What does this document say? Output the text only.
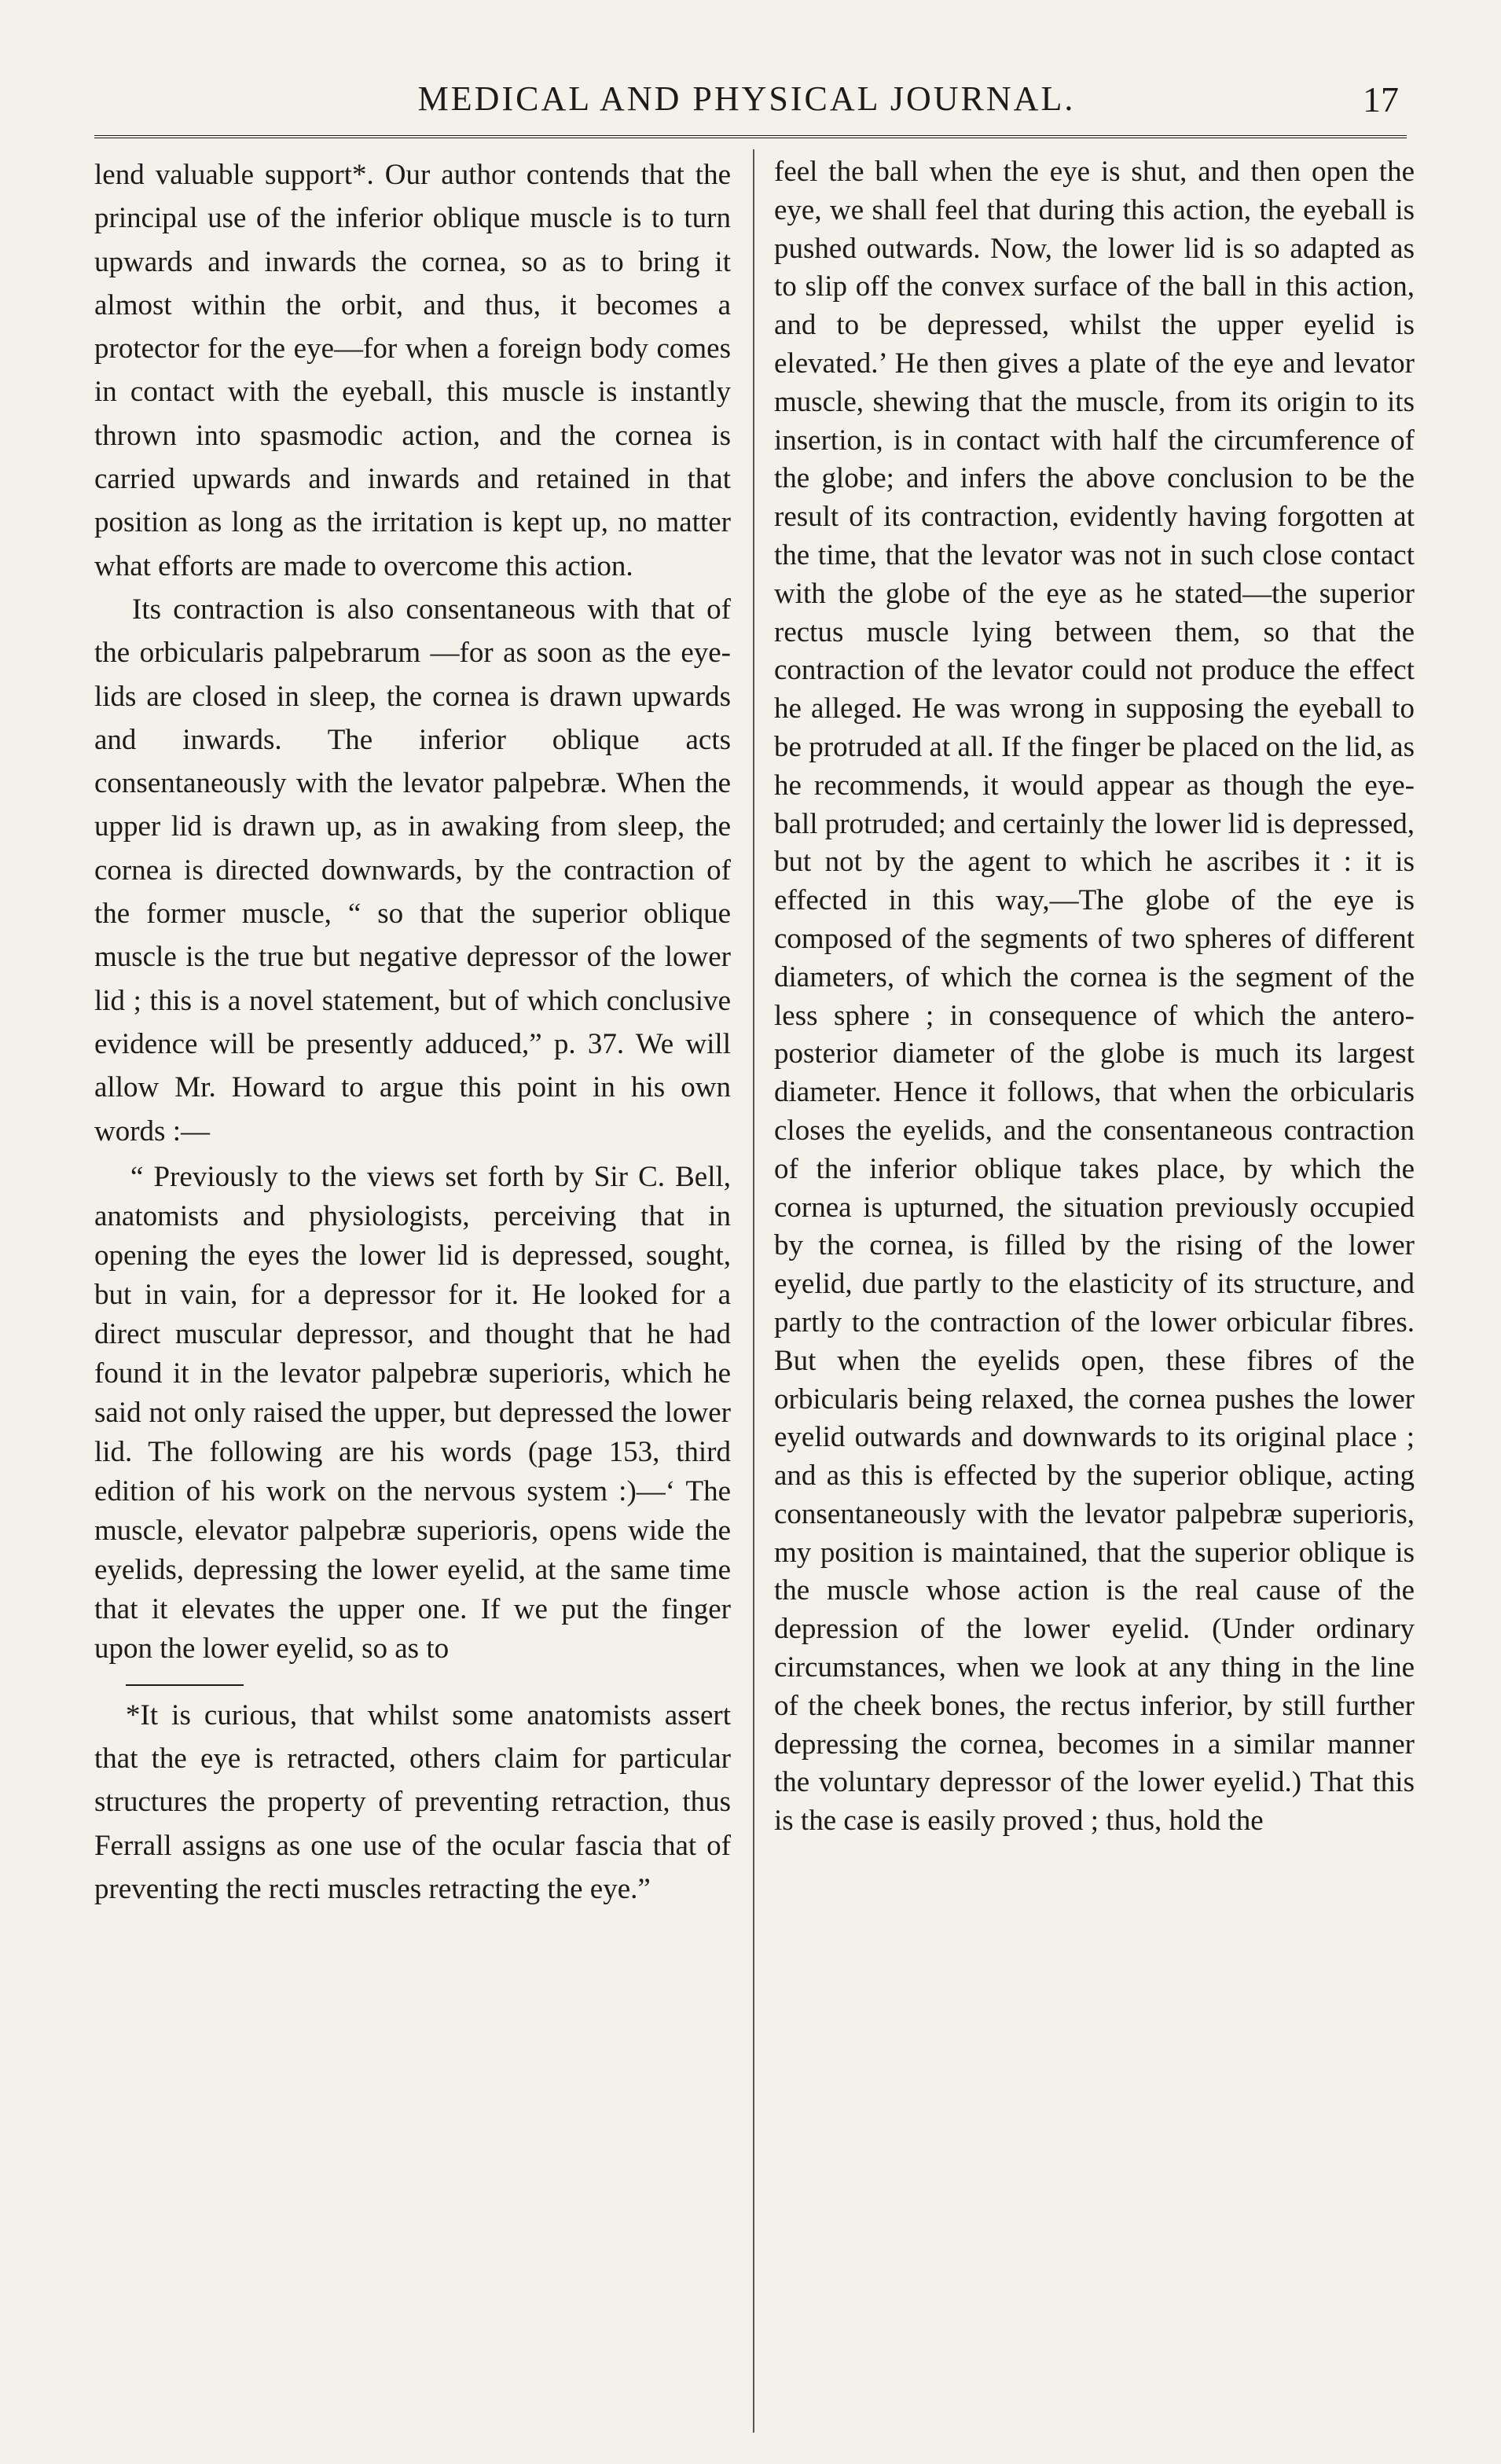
MEDICAL AND PHYSICAL JOURNAL.	17

lend valuable support*. Our author contends that the principal use of the inferior oblique muscle is to turn upwards and inwards the cornea, so as to bring it almost within the orbit, and thus, it becomes a protector for the eye—for when a foreign body comes in contact with the eyeball, this muscle is instantly thrown into spasmodic action, and the cornea is carried upwards and inwards and retained in that position as long as the irritation is kept up, no matter what efforts are made to overcome this action.

Its contraction is also consentaneous with that of the orbicularis palpebrarum —for as soon as the eye-lids are closed in sleep, the cornea is drawn upwards and inwards. The inferior oblique acts consentaneously with the levator palpebræ. When the upper lid is drawn up, as in awaking from sleep, the cornea is directed downwards, by the contraction of the former muscle, “ so that the superior oblique muscle is the true but negative depressor of the lower lid ; this is a novel statement, but of which conclusive evidence will be presently adduced,” p. 37. We will allow Mr. Howard to argue this point in his own words :—

“ Previously to the views set forth by Sir C. Bell, anatomists and physiologists, perceiving that in opening the eyes the lower lid is depressed, sought, but in vain, for a depressor for it. He looked for a direct muscular depressor, and thought that he had found it in the levator palpebræ superioris, which he said not only raised the upper, but depressed the lower lid. The following are his words (page 153, third edition of his work on the nervous system :)—‘ The muscle, elevator palpebræ superioris, opens wide the eyelids, depressing the lower eyelid, at the same time that it elevates the upper one. If we put the finger upon the lower eyelid, so as to

*It is curious, that whilst some anatomists assert that the eye is retracted, others claim for particular structures the property of preventing retraction, thus Ferrall assigns as one use of the ocular fascia that of preventing the recti muscles retracting the eye.”

feel the ball when the eye is shut, and then open the eye, we shall feel that during this action, the eyeball is pushed outwards. Now, the lower lid is so adapted as to slip off the convex surface of the ball in this action, and to be depressed, whilst the upper eyelid is elevated.’ He then gives a plate of the eye and levator muscle, shewing that the muscle, from its origin to its insertion, is in contact with half the circumference of the globe; and infers the above conclusion to be the result of its contraction, evidently having forgotten at the time, that the levator was not in such close contact with the globe of the eye as he stated—the superior rectus muscle lying between them, so that the contraction of the levator could not produce the effect he alleged. He was wrong in supposing the eyeball to be protruded at all. If the finger be placed on the lid, as he recommends, it would appear as though the eye-ball protruded; and certainly the lower lid is depressed, but not by the agent to which he ascribes it : it is effected in this way,—The globe of the eye is composed of the segments of two spheres of different diameters, of which the cornea is the segment of the less sphere ; in consequence of which the antero-posterior diameter of the globe is much its largest diameter. Hence it follows, that when the orbicularis closes the eyelids, and the consentaneous contraction of the inferior oblique takes place, by which the cornea is upturned, the situation previously occupied by the cornea, is filled by the rising of the lower eyelid, due partly to the elasticity of its structure, and partly to the contraction of the lower orbicular fibres. But when the eyelids open, these fibres of the orbicularis being relaxed, the cornea pushes the lower eyelid outwards and downwards to its original place ; and as this is effected by the superior oblique, acting consentaneously with the levator palpebræ superioris, my position is maintained, that the superior oblique is the muscle whose action is the real cause of the depression of the lower eyelid. (Under ordinary circumstances, when we look at any thing in the line of the cheek bones, the rectus inferior, by still further depressing the cornea, becomes in a similar manner the voluntary depressor of the lower eyelid.) That this is the case is easily proved ; thus, hold the
